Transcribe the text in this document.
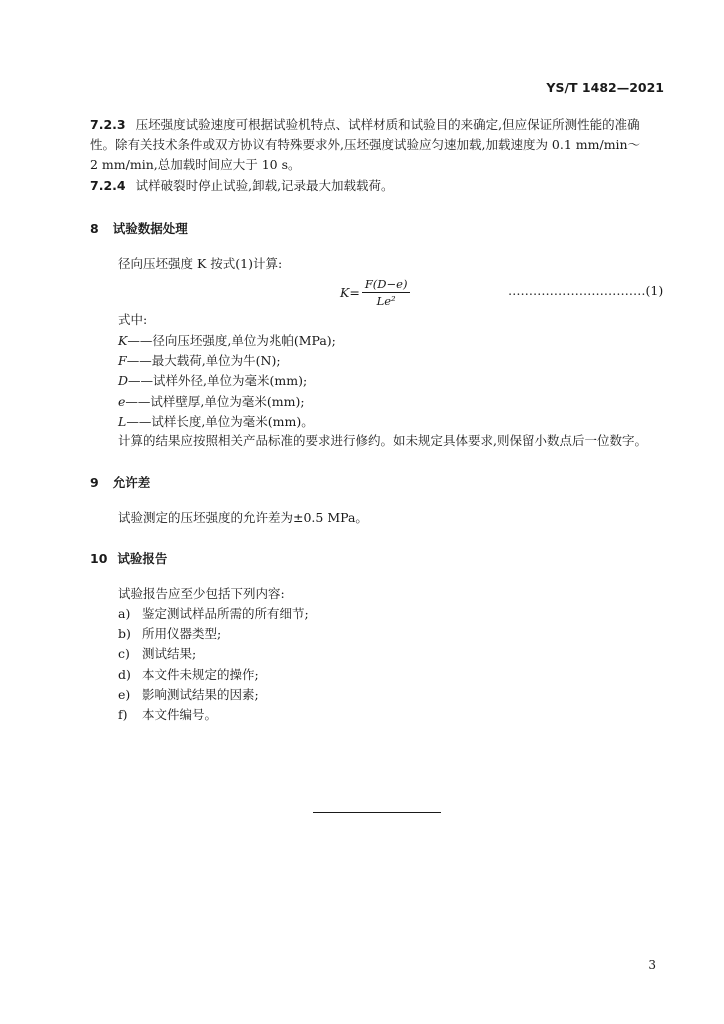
YS/T 1482—2021
7.2.3 压坯强度试验速度可根据试验机特点、试样材质和试验目的来确定,但应保证所测性能的准确
性。除有关技术条件或双方协议有特殊要求外,压坯强度试验应匀速加载,加载速度为 0.1 mm/min～
2 mm/min,总加载时间应大于 10 s。
7.2.4 试样破裂时停止试验,卸载,记录最大加载载荷。
8 试验数据处理
径向压坯强度 K 按式(1)计算:
$K= \frac{F(D-e)}{\text{Le²}}$	……………………………(1)
式中:
K ——径向压坯强度,单位为兆帕(MPa);
F ——最大载荷,单位为牛(N);
D ——试样外径,单位为毫米(mm);
e ——试样壁厚,单位为毫米(mm);
L ——试样长度,单位为毫米(mm)。
计算的结果应按照相关产品标准的要求进行修约。如未规定具体要求,则保留小数点后一位数字。
9 允许差
试验测定的压坯强度的允许差为±0.5 MPa。
10 试验报告
试验报告应至少包括下列内容:
a) 鉴定测试样品所需的所有细节;
b) 所用仪器类型;
c) 测试结果;
d) 本文件未规定的操作;
e) 影响测试结果的因素;
f)	本文件编号。
3
